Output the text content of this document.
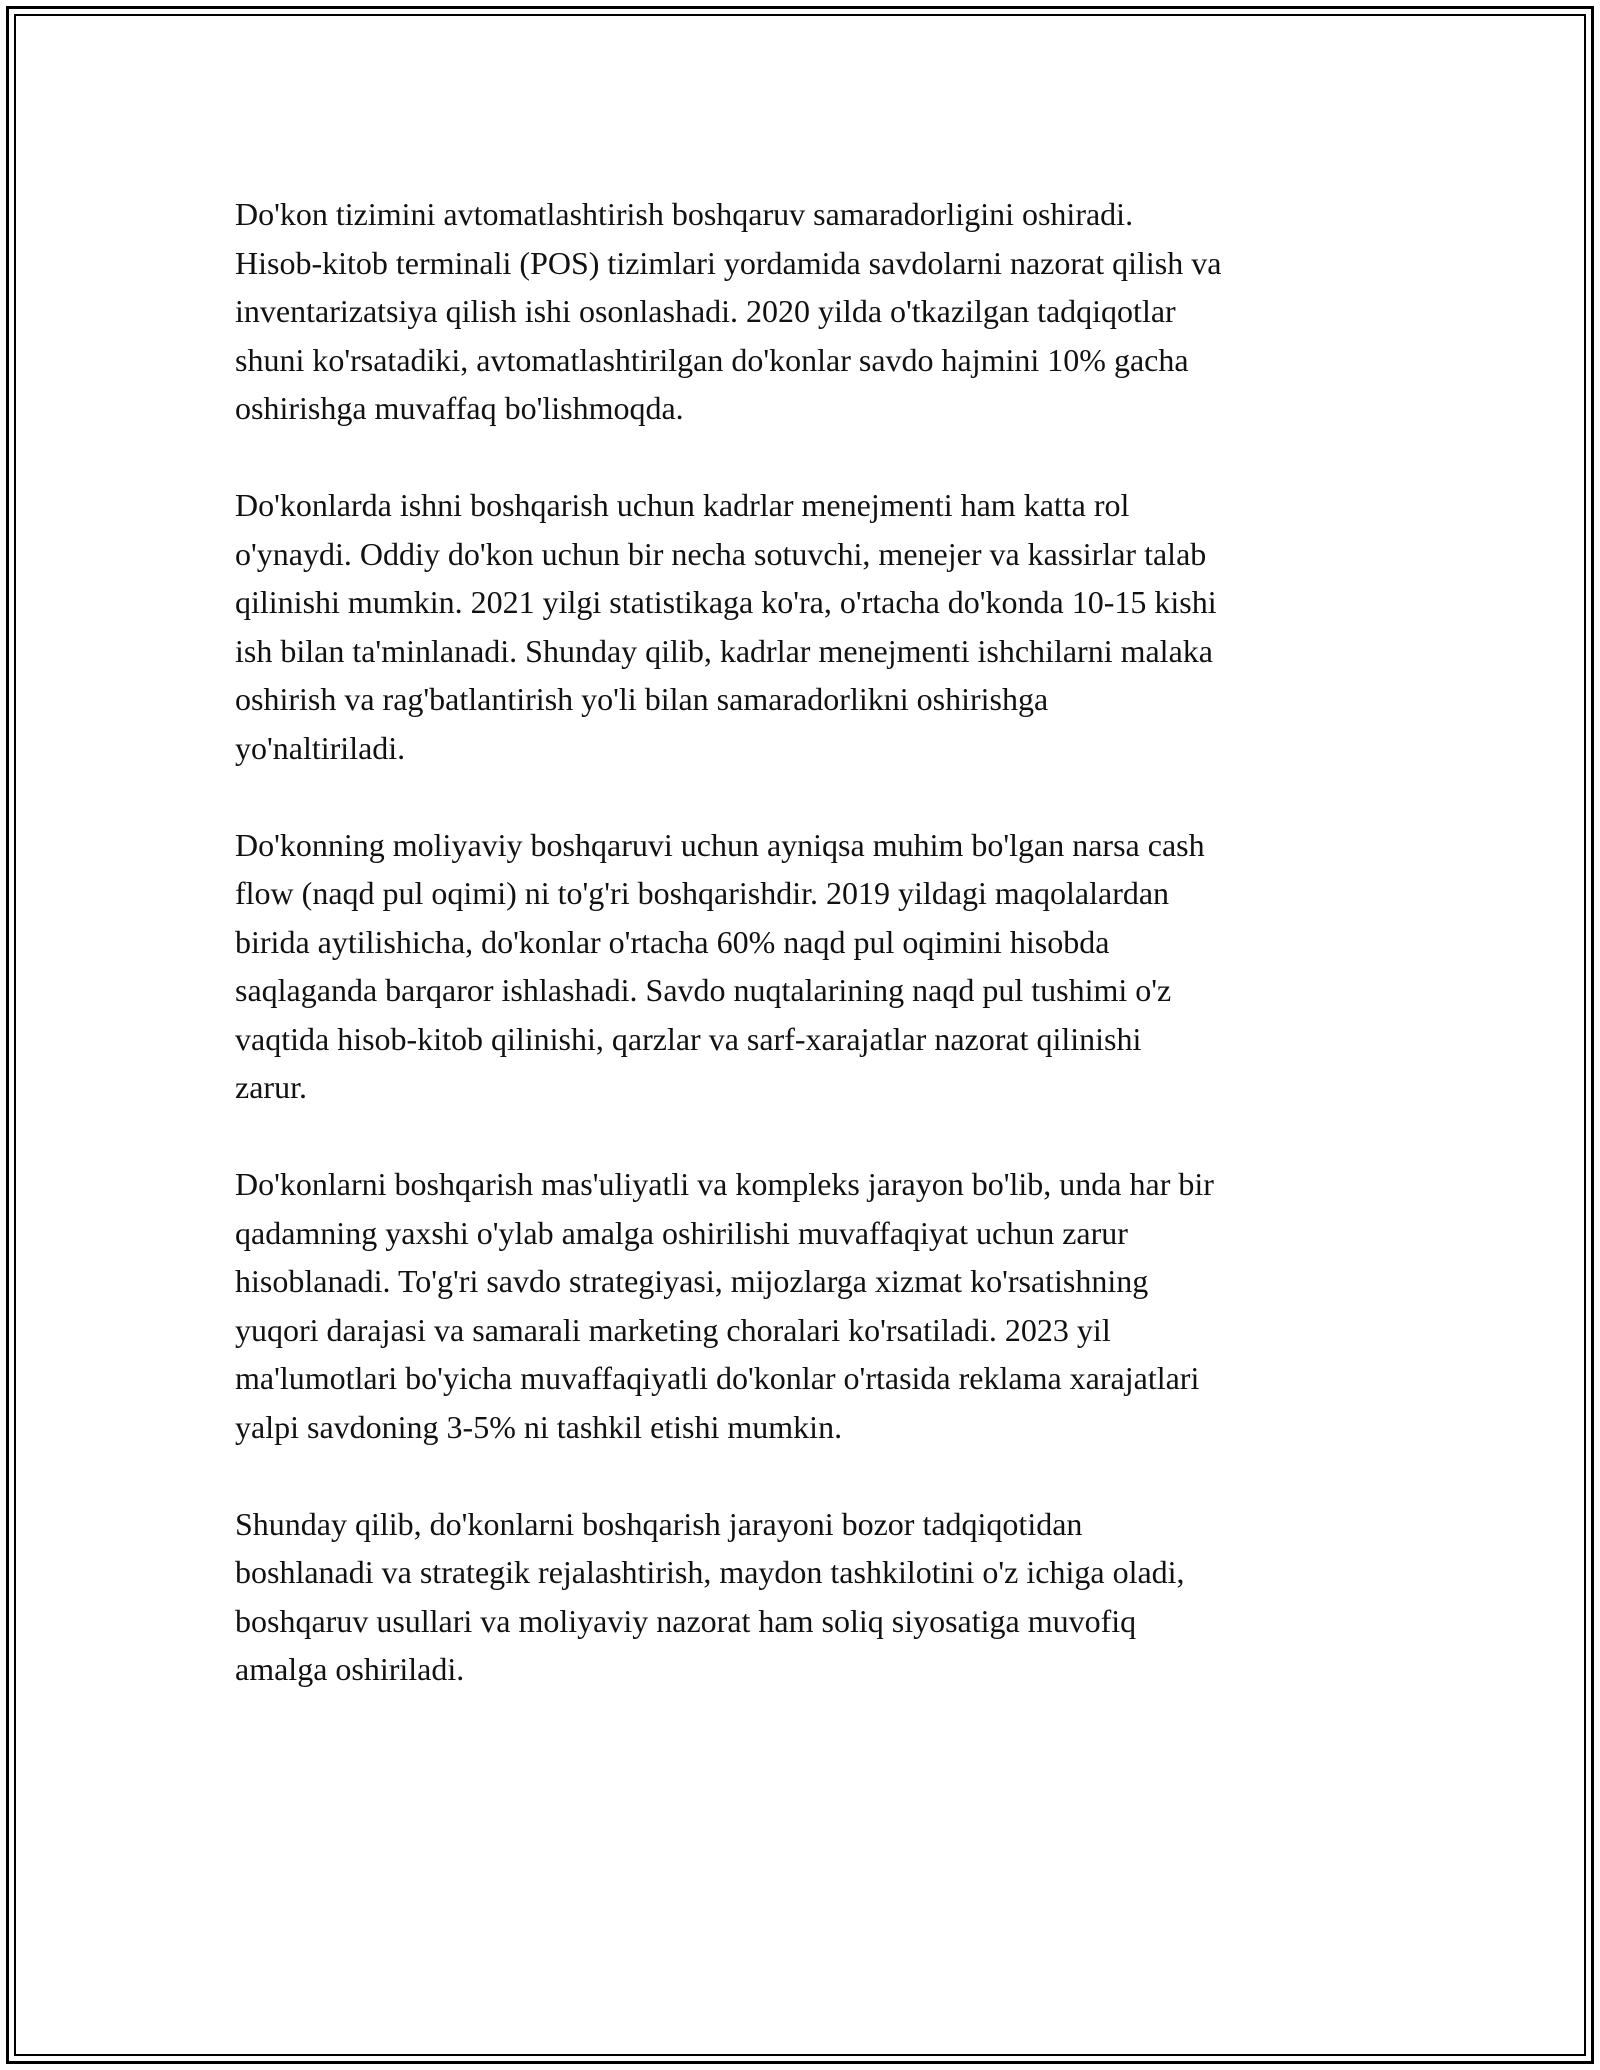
Do'kon tizimini avtomatlashtirish boshqaruv samaradorligini oshiradi.
Hisob-kitob terminali (POS) tizimlari yordamida savdolarni nazorat qilish va
inventarizatsiya qilish ishi osonlashadi. 2020 yilda o'tkazilgan tadqiqotlar
shuni ko'rsatadiki, avtomatlashtirilgan do'konlar savdo hajmini 10% gacha
oshirishga muvaffaq bo'lishmoqda.

Do'konlarda ishni boshqarish uchun kadrlar menejmenti ham katta rol
o'ynaydi. Oddiy do'kon uchun bir necha sotuvchi, menejer va kassirlar talab
qilinishi mumkin. 2021 yilgi statistikaga ko'ra, o'rtacha do'konda 10-15 kishi
ish bilan ta'minlanadi. Shunday qilib, kadrlar menejmenti ishchilarni malaka
oshirish va rag'batlantirish yo'li bilan samaradorlikni oshirishga
yo'naltiriladi.

Do'konning moliyaviy boshqaruvi uchun ayniqsa muhim bo'lgan narsa cash
flow (naqd pul oqimi) ni to'g'ri boshqarishdir. 2019 yildagi maqolalardan
birida aytilishicha, do'konlar o'rtacha 60% naqd pul oqimini hisobda
saqlaganda barqaror ishlashadi. Savdo nuqtalarining naqd pul tushimi o'z
vaqtida hisob-kitob qilinishi, qarzlar va sarf-xarajatlar nazorat qilinishi
zarur.

Do'konlarni boshqarish mas'uliyatli va kompleks jarayon bo'lib, unda har bir
qadamning yaxshi o'ylab amalga oshirilishi muvaffaqiyat uchun zarur
hisoblanadi. To'g'ri savdo strategiyasi, mijozlarga xizmat ko'rsatishning
yuqori darajasi va samarali marketing choralari ko'rsatiladi. 2023 yil
ma'lumotlari bo'yicha muvaffaqiyatli do'konlar o'rtasida reklama xarajatlari
yalpi savdoning 3-5% ni tashkil etishi mumkin.

Shunday qilib, do'konlarni boshqarish jarayoni bozor tadqiqotidan
boshlanadi va strategik rejalashtirish, maydon tashkilotini o'z ichiga oladi,
boshqaruv usullari va moliyaviy nazorat ham soliq siyosatiga muvofiq
amalga oshiriladi.
